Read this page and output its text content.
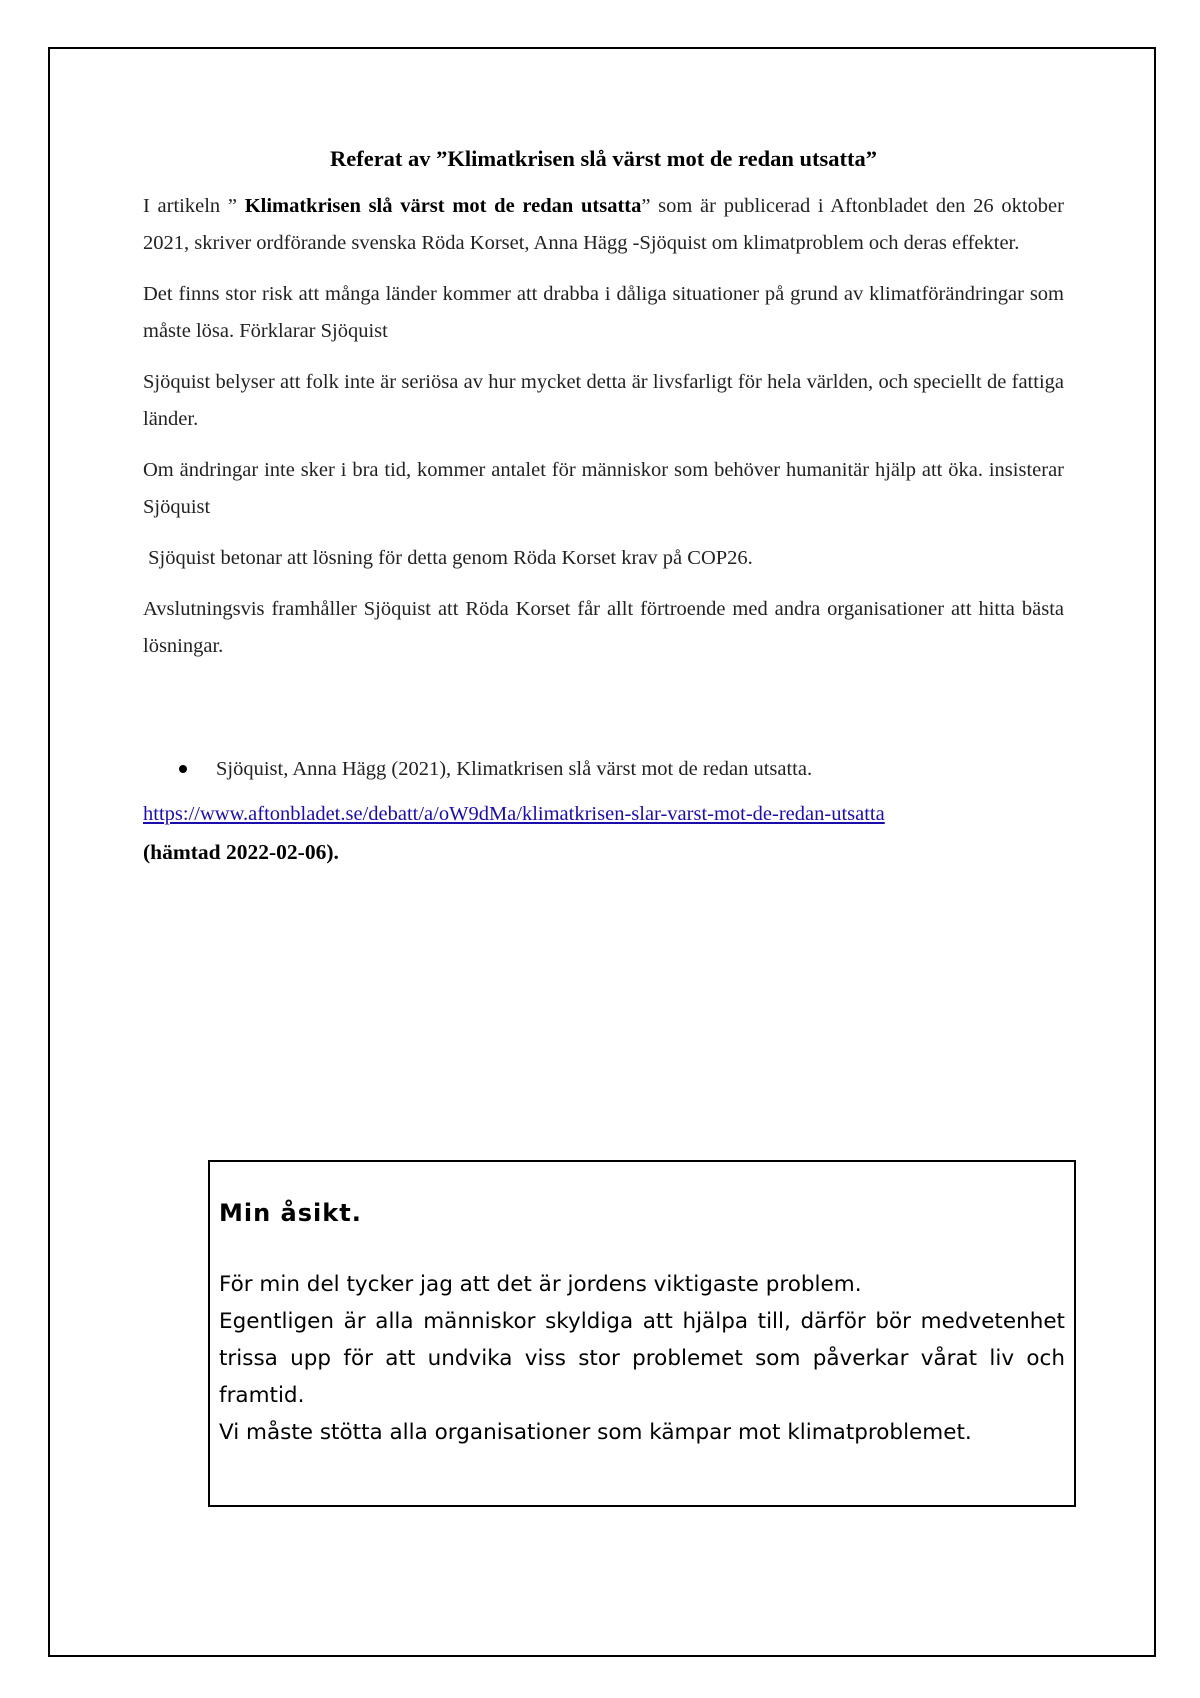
Referat av ”Klimatkrisen slå värst mot de redan utsatta”

I artikeln ” Klimatkrisen slå värst mot de redan utsatta” som är publicerad i Aftonbladet den 26 oktober 2021, skriver ordförande svenska Röda Korset, Anna Hägg -Sjöquist om klimatproblem och deras effekter.

Det finns stor risk att många länder kommer att drabba i dåliga situationer på grund av klimatförändringar som måste lösa. Förklarar Sjöquist

Sjöquist belyser att folk inte är seriösa av hur mycket detta är livsfarligt för hela världen, och speciellt de fattiga länder.

Om ändringar inte sker i bra tid, kommer antalet för människor som behöver humanitär hjälp att öka. insisterar Sjöquist

Sjöquist betonar att lösning för detta genom Röda Korset krav på COP26.

Avslutningsvis framhåller Sjöquist att Röda Korset får allt förtroende med andra organisationer att hitta bästa lösningar.

Sjöquist, Anna Hägg (2021), Klimatkrisen slå värst mot de redan utsatta.
https://www.aftonbladet.se/debatt/a/oW9dMa/klimatkrisen-slar-varst-mot-de-redan-utsatta
(hämtad 2022-02-06).
Min åsikt.

För min del tycker jag att det är jordens viktigaste problem.

Egentligen är alla människor skyldiga att hjälpa till, därför bör medvetenhet trissa upp för att undvika viss stor problemet som påverkar vårat liv och framtid.

Vi måste stötta alla organisationer som kämpar mot klimatproblemet.
